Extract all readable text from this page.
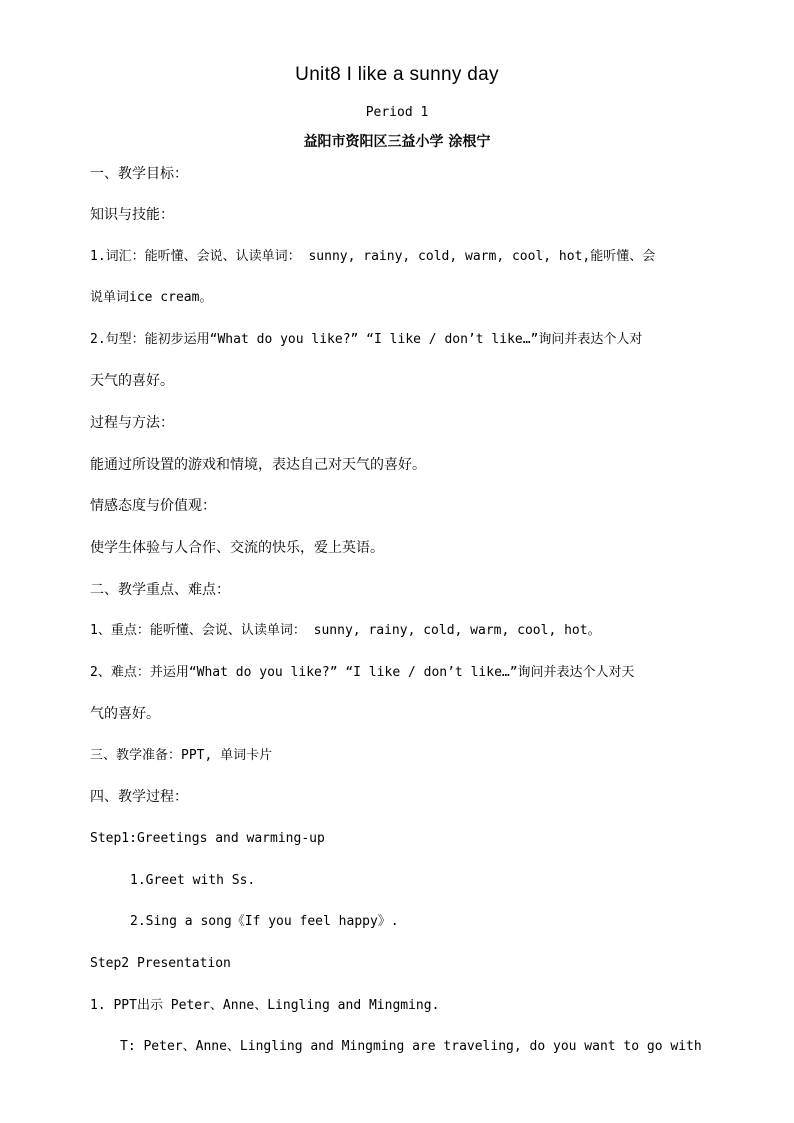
Unit8 I like a sunny day
Period 1
益阳市资阳区三益小学 涂根宁
一、教学目标：
知识与技能：
1.词汇：能听懂、会说、认读单词： sunny, rainy, cold, warm, cool, hot,能听懂、会
说单词ice cream。
2.句型：能初步运用“What do you like?” “I like / don’t like…”询问并表达个人对
天气的喜好。
过程与方法：
能通过所设置的游戏和情境，表达自己对天气的喜好。
情感态度与价值观：
使学生体验与人合作、交流的快乐，爱上英语。
二、教学重点、难点：
1、重点：能听懂、会说、认读单词： sunny, rainy, cold, warm, cool, hot。
2、难点：并运用“What do you like?” “I like / don’t like…”询问并表达个人对天
气的喜好。
三、教学准备：PPT, 单词卡片
四、教学过程：
Step1:Greetings and warming-up
1.Greet with Ss.
2.Sing a song《If you feel happy》.
Step2 Presentation
1. PPT出示 Peter、Anne、Lingling and Mingming.
T: Peter、Anne、Lingling and Mingming are traveling, do you want to go with
